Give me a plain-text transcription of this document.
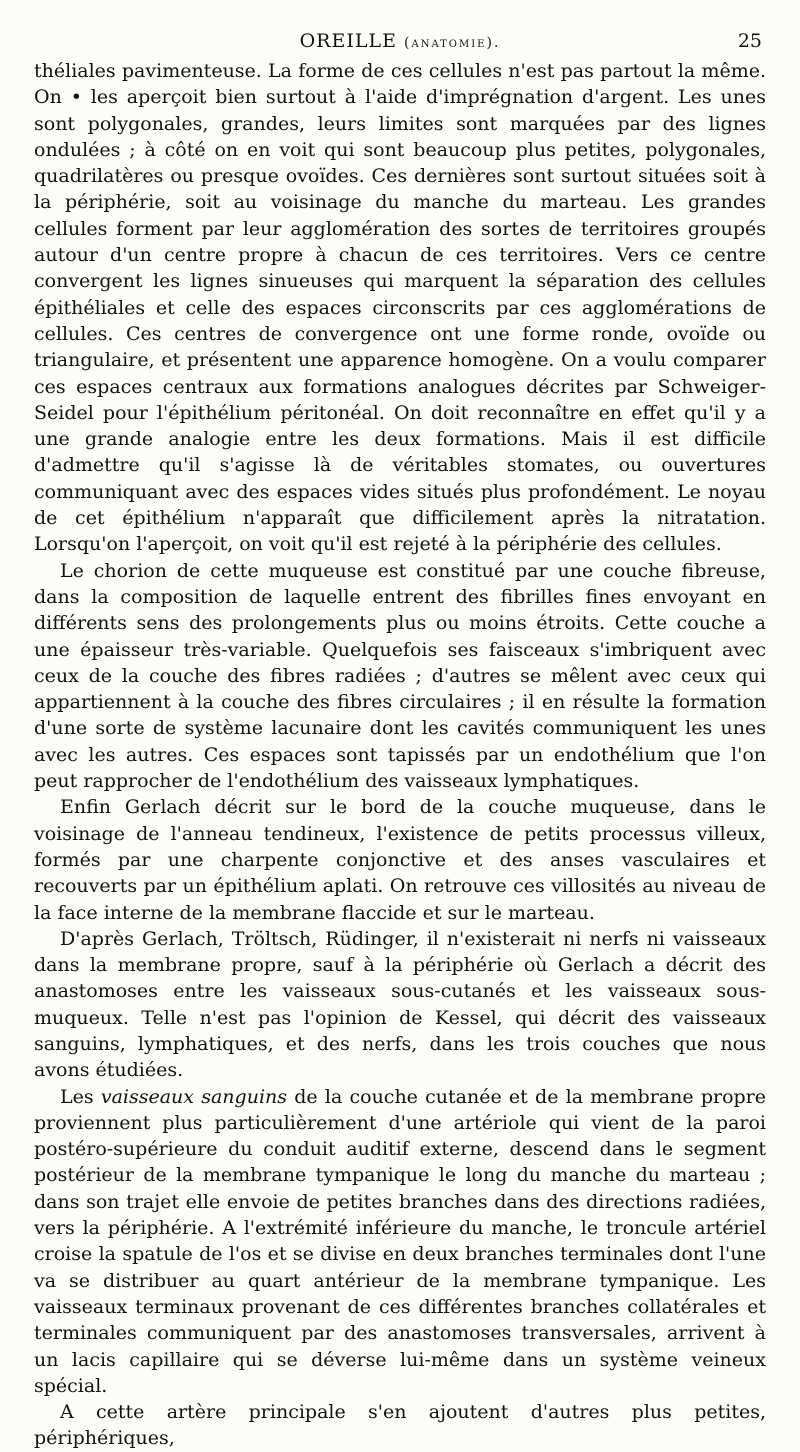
OREILLE (anatomie).	25

théliales pavimenteuse. La forme de ces cellules n'est pas partout la même. On • les aperçoit bien surtout à l'aide d'imprégnation d'argent. Les unes sont polygonales, grandes, leurs limites sont marquées par des lignes ondulées ; à côté on en voit qui sont beaucoup plus petites, polygonales, quadrilatères ou presque ovoïdes. Ces dernières sont surtout situées soit à la périphérie, soit au voisinage du manche du marteau. Les grandes cellules forment par leur agglomération des sortes de territoires groupés autour d'un centre propre à chacun de ces territoires. Vers ce centre convergent les lignes sinueuses qui marquent la séparation des cellules épithéliales et celle des espaces circonscrits par ces agglomérations de cellules. Ces centres de convergence ont une forme ronde, ovoïde ou triangulaire, et présentent une apparence homogène. On a voulu comparer ces espaces centraux aux formations analogues décrites par Schweiger-Seidel pour l'épithélium péritonéal. On doit reconnaître en effet qu'il y a une grande analogie entre les deux formations. Mais il est difficile d'admettre qu'il s'agisse là de véritables stomates, ou ouvertures communiquant avec des espaces vides situés plus profondément. Le noyau de cet épithélium n'apparaît que difficilement après la nitratation. Lorsqu'on l'aperçoit, on voit qu'il est rejeté à la périphérie des cellules.

Le chorion de cette muqueuse est constitué par une couche fibreuse, dans la composition de laquelle entrent des fibrilles fines envoyant en différents sens des prolongements plus ou moins étroits. Cette couche a une épaisseur très-variable. Quelquefois ses faisceaux s'imbriquent avec ceux de la couche des fibres radiées ; d'autres se mêlent avec ceux qui appartiennent à la couche des fibres circulaires ; il en résulte la formation d'une sorte de système lacunaire dont les cavités communiquent les unes avec les autres. Ces espaces sont tapissés par un endothélium que l'on peut rapprocher de l'endothélium des vaisseaux lymphatiques.

Enfin Gerlach décrit sur le bord de la couche muqueuse, dans le voisinage de l'anneau tendineux, l'existence de petits processus villeux, formés par une charpente conjonctive et des anses vasculaires et recouverts par un épithélium aplati. On retrouve ces villosités au niveau de la face interne de la membrane flaccide et sur le marteau.

D'après Gerlach, Tröltsch, Rüdinger, il n'existerait ni nerfs ni vaisseaux dans la membrane propre, sauf à la périphérie où Gerlach a décrit des anastomoses entre les vaisseaux sous-cutanés et les vaisseaux sous-muqueux. Telle n'est pas l'opinion de Kessel, qui décrit des vaisseaux sanguins, lymphatiques, et des nerfs, dans les trois couches que nous avons étudiées.

Les vaisseaux sanguins de la couche cutanée et de la membrane propre proviennent plus particulièrement d'une artériole qui vient de la paroi postéro-supérieure du conduit auditif externe, descend dans le segment postérieur de la membrane tympanique le long du manche du marteau ; dans son trajet elle envoie de petites branches dans des directions radiées, vers la périphérie. A l'extrémité inférieure du manche, le troncule artériel croise la spatule de l'os et se divise en deux branches terminales dont l'une va se distribuer au quart antérieur de la membrane tympanique. Les vaisseaux terminaux provenant de ces différentes branches collatérales et terminales communiquent par des anastomoses transversales, arrivent à un lacis capillaire qui se déverse lui-même dans un système veineux spécial.

A cette artère principale s'en ajoutent d'autres plus petites, périphériques,
